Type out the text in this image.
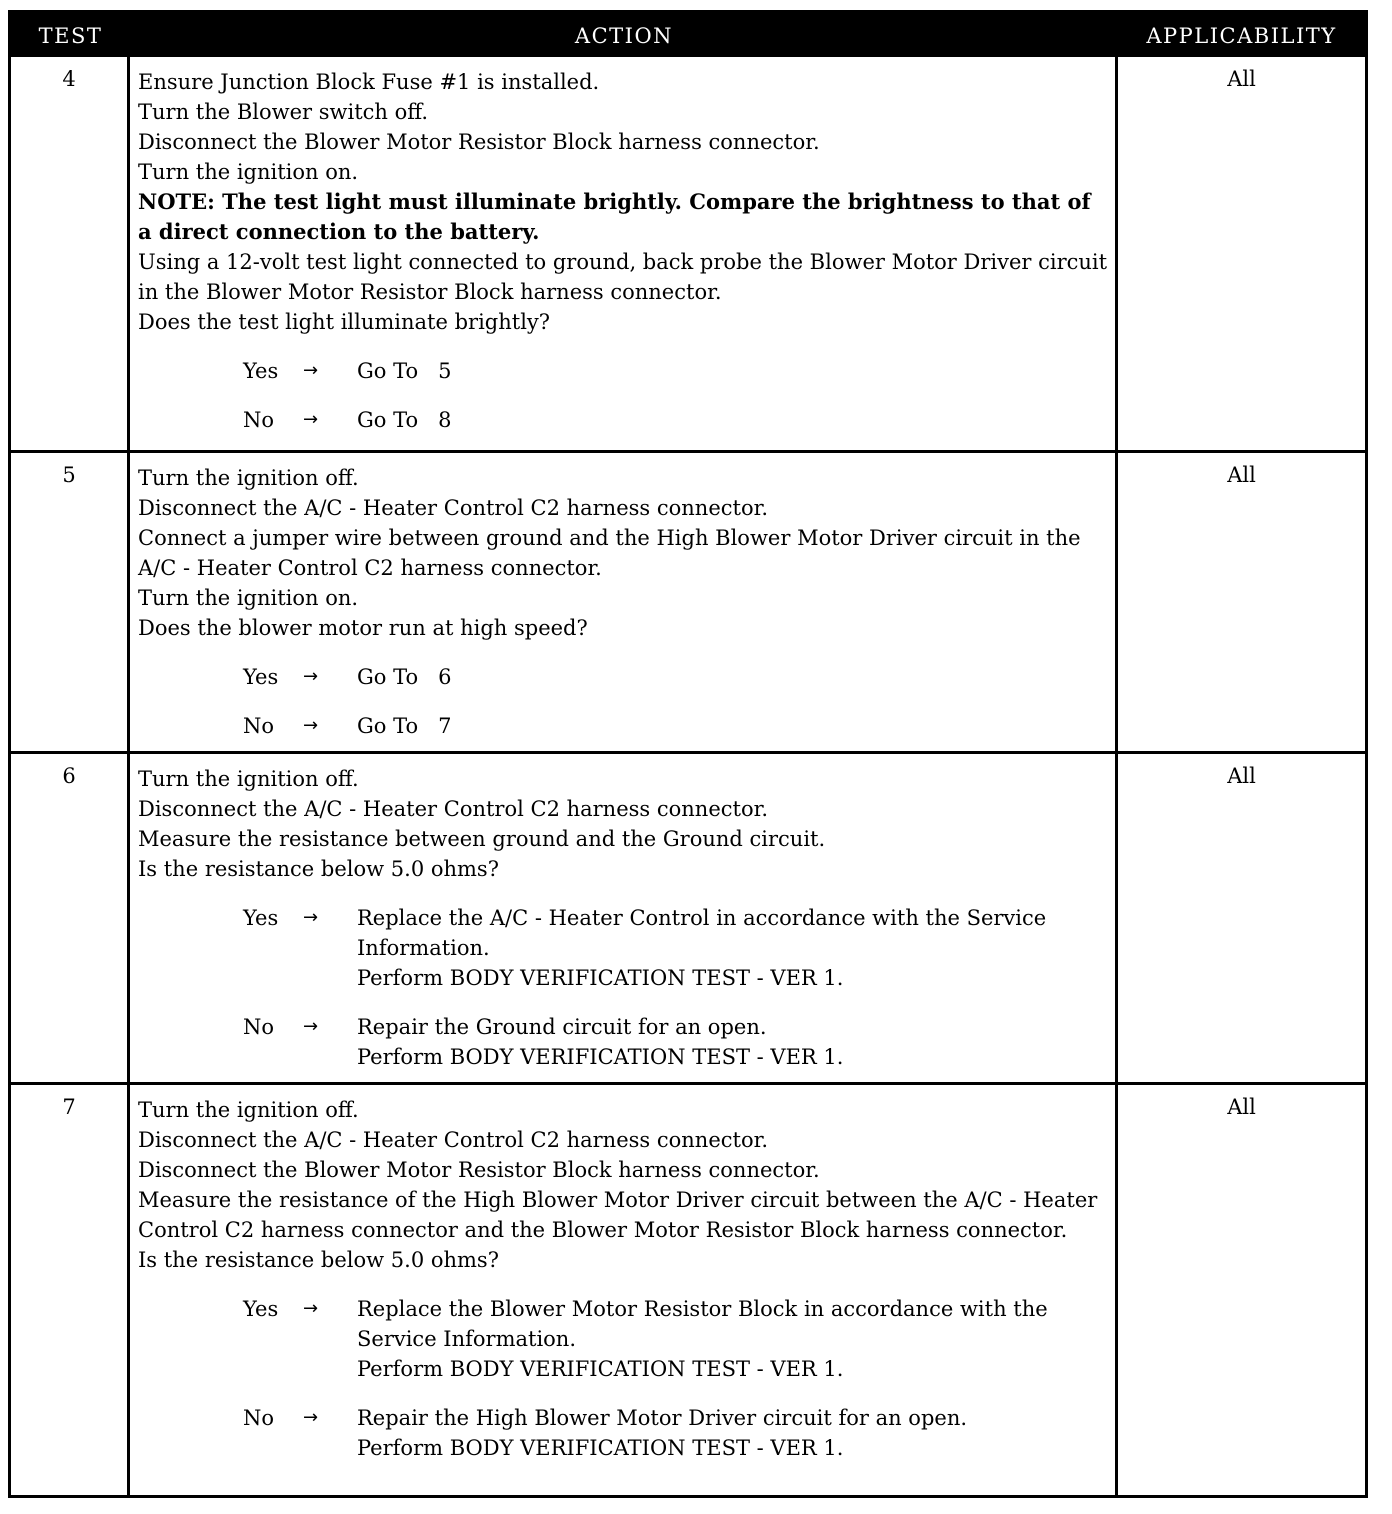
TEST	ACTION	APPLICABILITY
4	Ensure Junction Block Fuse #1 is installed.
Turn the Blower switch off.
Disconnect the Blower Motor Resistor Block harness connector.
Turn the ignition on.
NOTE: The test light must illuminate brightly. Compare the brightness to that of a direct connection to the battery.
Using a 12-volt test light connected to ground, back probe the Blower Motor Driver circuit in the Blower Motor Resistor Block harness connector.
Does the test light illuminate brightly?
Yes	→	Go To   5
No	→	Go To   8
All
5	Turn the ignition off.
Disconnect the A/C - Heater Control C2 harness connector.
Connect a jumper wire between ground and the High Blower Motor Driver circuit in the A/C - Heater Control C2 harness connector.
Turn the ignition on.
Does the blower motor run at high speed?
Yes	→	Go To   6
No	→	Go To   7
All
6	Turn the ignition off.
Disconnect the A/C - Heater Control C2 harness connector.
Measure the resistance between ground and the Ground circuit.
Is the resistance below 5.0 ohms?
Yes	→	Replace the A/C - Heater Control in accordance with the Service Information.
Perform BODY VERIFICATION TEST - VER 1.
No	→	Repair the Ground circuit for an open.
Perform BODY VERIFICATION TEST - VER 1.
All
7	Turn the ignition off.
Disconnect the A/C - Heater Control C2 harness connector.
Disconnect the Blower Motor Resistor Block harness connector.
Measure the resistance of the High Blower Motor Driver circuit between the A/C - Heater Control C2 harness connector and the Blower Motor Resistor Block harness connector.
Is the resistance below 5.0 ohms?
Yes	→	Replace the Blower Motor Resistor Block in accordance with the Service Information.
Perform BODY VERIFICATION TEST - VER 1.
No	→	Repair the High Blower Motor Driver circuit for an open.
Perform BODY VERIFICATION TEST - VER 1.
All
